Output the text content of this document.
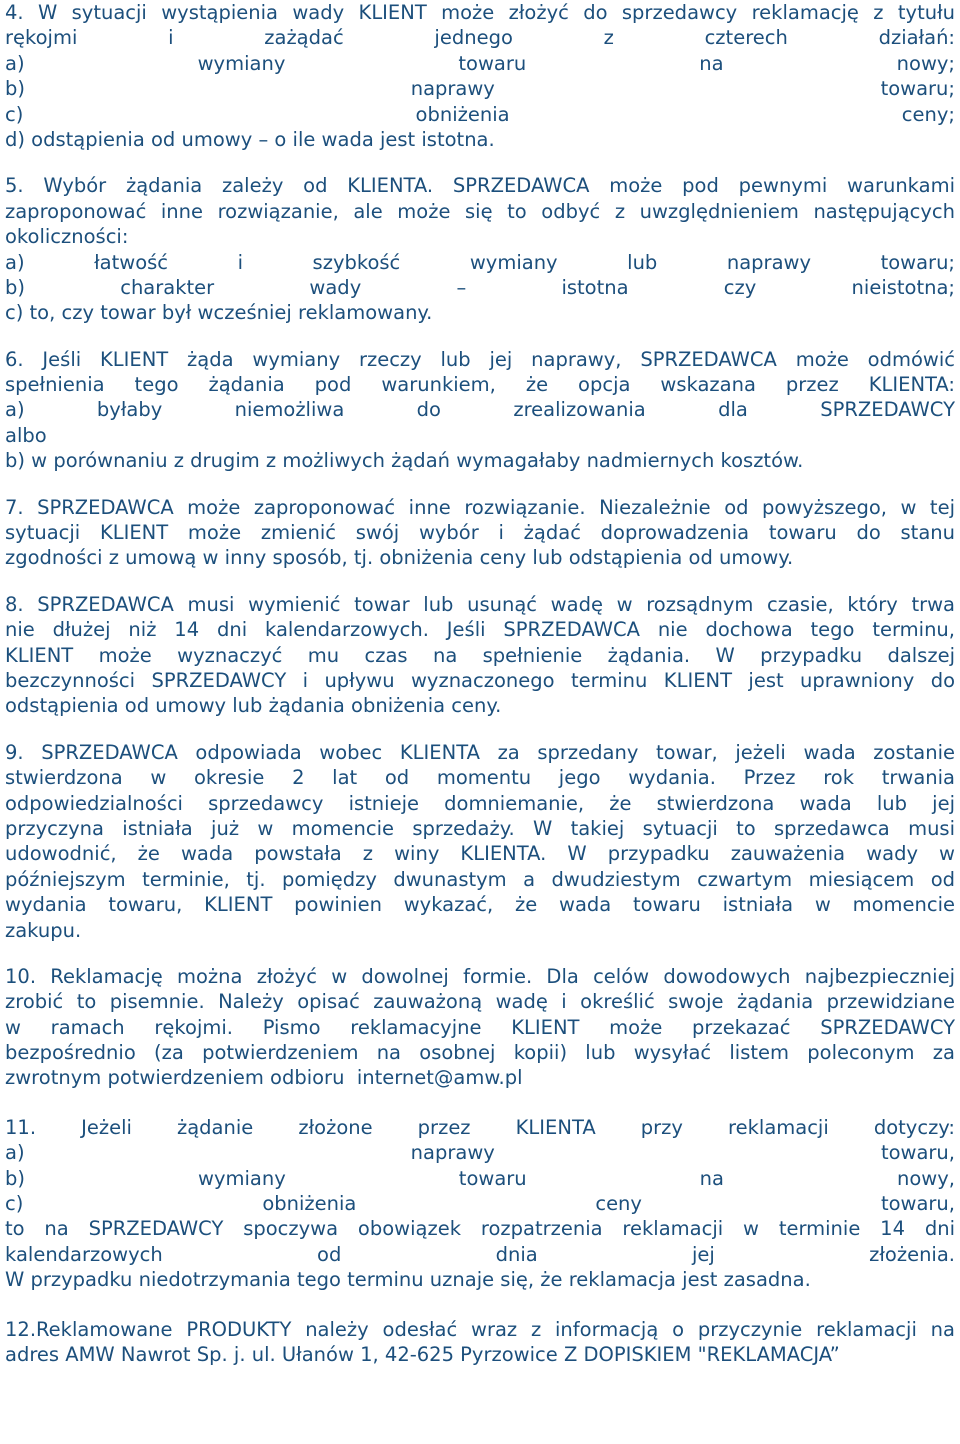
4. W sytuacji wystąpienia wady KLIENT może złożyć do sprzedawcy reklamację z tytułu
rękojmi i zażądać jednego z czterech działań:
a) wymiany towaru na nowy;
b) naprawy towaru;
c) obniżenia ceny;
d) odstąpienia od umowy – o ile wada jest istotna.
5. Wybór żądania zależy od KLIENTA. SPRZEDAWCA może pod pewnymi warunkami
zaproponować inne rozwiązanie, ale może się to odbyć z uwzględnieniem następujących
okoliczności:
a) łatwość i szybkość wymiany lub naprawy towaru;
b) charakter wady – istotna czy nieistotna;
c) to, czy towar był wcześniej reklamowany.
6. Jeśli KLIENT żąda wymiany rzeczy lub jej naprawy, SPRZEDAWCA może odmówić
spełnienia tego żądania pod warunkiem, że opcja wskazana przez KLIENTA:
a) byłaby niemożliwa do zrealizowania dla SPRZEDAWCY
albo
b) w porównaniu z drugim z możliwych żądań wymagałaby nadmiernych kosztów.
7. SPRZEDAWCA może zaproponować inne rozwiązanie. Niezależnie od powyższego, w tej
sytuacji KLIENT może zmienić swój wybór i żądać doprowadzenia towaru do stanu
zgodności z umową w inny sposób, tj. obniżenia ceny lub odstąpienia od umowy.
8. SPRZEDAWCA musi wymienić towar lub usunąć wadę w rozsądnym czasie, który trwa
nie dłużej niż 14 dni kalendarzowych. Jeśli SPRZEDAWCA nie dochowa tego terminu,
KLIENT może wyznaczyć mu czas na spełnienie żądania. W przypadku dalszej
bezczynności SPRZEDAWCY i upływu wyznaczonego terminu KLIENT jest uprawniony do
odstąpienia od umowy lub żądania obniżenia ceny.
9. SPRZEDAWCA odpowiada wobec KLIENTA za sprzedany towar, jeżeli wada zostanie
stwierdzona w okresie 2 lat od momentu jego wydania. Przez rok trwania
odpowiedzialności sprzedawcy istnieje domniemanie, że stwierdzona wada lub jej
przyczyna istniała już w momencie sprzedaży. W takiej sytuacji to sprzedawca musi
udowodnić, że wada powstała z winy KLIENTA. W przypadku zauważenia wady w
późniejszym terminie, tj. pomiędzy dwunastym a dwudziestym czwartym miesiącem od
wydania towaru, KLIENT powinien wykazać, że wada towaru istniała w momencie
zakupu.
10. Reklamację można złożyć w dowolnej formie. Dla celów dowodowych najbezpieczniej
zrobić to pisemnie. Należy opisać zauważoną wadę i określić swoje żądania przewidziane
w ramach rękojmi. Pismo reklamacyjne KLIENT może przekazać SPRZEDAWCY
bezpośrednio (za potwierdzeniem na osobnej kopii) lub wysyłać listem poleconym za
zwrotnym potwierdzeniem odbioru  internet@amw.pl
11. Jeżeli żądanie złożone przez KLIENTA przy reklamacji dotyczy:
a) naprawy towaru,
b) wymiany towaru na nowy,
c) obniżenia ceny towaru,
to na SPRZEDAWCY spoczywa obowiązek rozpatrzenia reklamacji w terminie 14 dni
kalendarzowych od dnia jej złożenia.
W przypadku niedotrzymania tego terminu uznaje się, że reklamacja jest zasadna.
12.Reklamowane PRODUKTY należy odesłać wraz z informacją o przyczynie reklamacji na
adres AMW Nawrot Sp. j. ul. Ułanów 1, 42-625 Pyrzowice Z DOPISKIEM "REKLAMACJA”
